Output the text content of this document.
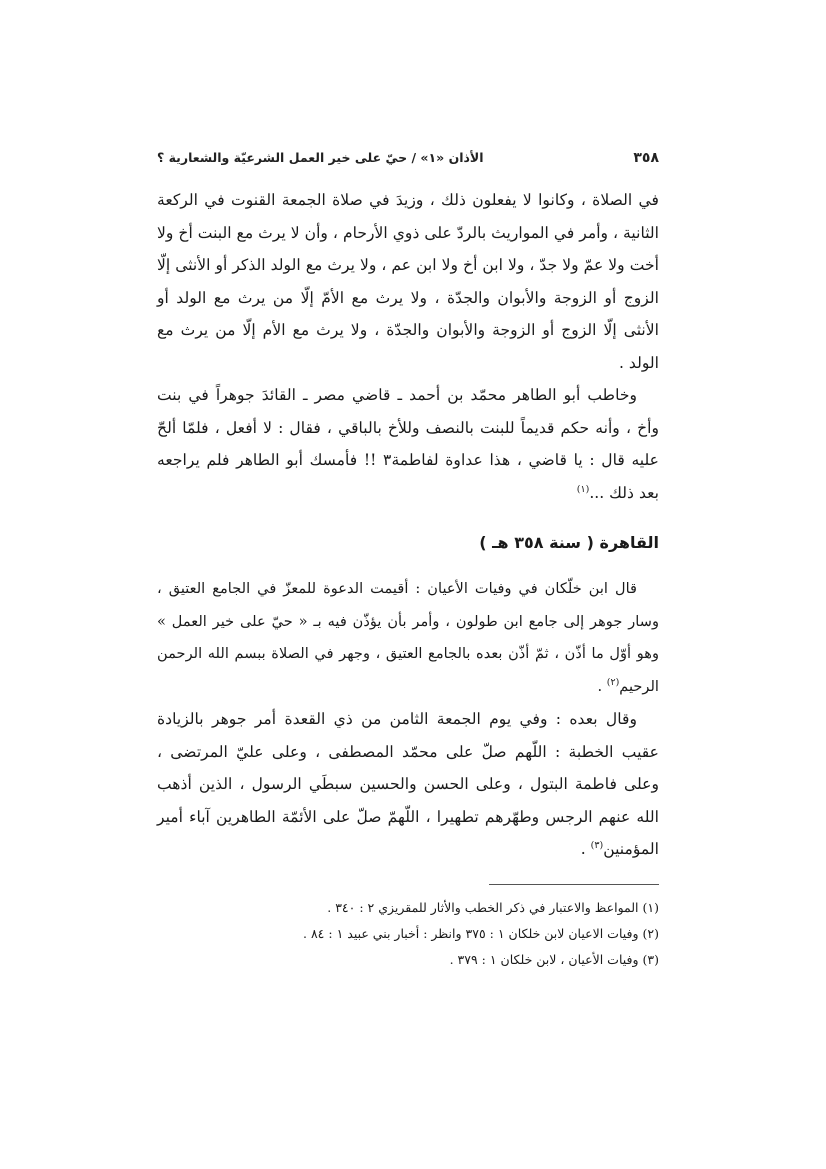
٣٥٨
الأذان «١» / حيّ على خير العمل الشرعيّة والشعارية ؟

في الصلاة ، وكانوا لا يفعلون ذلك ، وزيدَ في صلاة الجمعة القنوت في الركعة الثانية ، وأمر في المواريث بالردّ على ذوي الأرحام ، وأن لا يرث مع البنت أخ ولا أخت ولا عمّ ولا جدّ ، ولا ابن أخ ولا ابن عم ، ولا يرث مع الولد الذكر أو الأنثى إلّا الزوج أو الزوجة والأبوان والجدّة ، ولا يرث مع الأمّ إلّا من يرث مع الولد أو الأنثى إلّا الزوج أو الزوجة والأبوان والجدّة ، ولا يرث مع الأم إلّا من يرث مع الولد .

وخاطب أبو الطاهر محمّد بن أحمد ـ قاضي مصر ـ القائدَ جوهراً في بنت وأخ ، وأنه حكم قديماً للبنت بالنصف وللأخ بالباقي ، فقال : لا أفعل ، فلمّا ألحّ عليه قال : يا قاضي ، هذا عداوة لفاطمة٣ !! فأمسك أبو الطاهر فلم يراجعه بعد ذلك ...$^{(١)}$

القاهرة ( سنة ٣٥٨ هـ )

قال ابن خلّكان في وفيات الأعيان : أقيمت الدعوة للمعزّ في الجامع العتيق ، وسار جوهر إلى جامع ابن طولون ، وأمر بأن يؤذّن فيه بـ « حيّ على خير العمل » وهو أوّل ما أذّن ، ثمّ أذّن بعده بالجامع العتيق ، وجهر في الصلاة ببسم الله الرحمن الرحيم$^{(٢)}$ .

وقال بعده : وفي يوم الجمعة الثامن من ذي القعدة أمر جوهر بالزيادة عقيب الخطبة : اللّهم صلّ على محمّد المصطفى ، وعلى عليّ المرتضى ، وعلى فاطمة البتول ، وعلى الحسن والحسين سبطَي الرسول ، الذين أذهب الله عنهم الرجس وطهّرهم تطهيرا ، اللّهمّ صلّ على الأئمّة الطاهرين آباء أمير المؤمنين$^{(٣)}$ .

(١) المواعظ والاعتبار في ذكر الخطب والأثار للمقريزي ٢ : ٣٤٠ .
(٢) وفيات الاعيان لابن خلكان ١ : ٣٧٥ وانظر : أخبار بني عبيد ١ : ٨٤ .
(٣) وفيات الأعيان ، لابن خلكان ١ : ٣٧٩ .
